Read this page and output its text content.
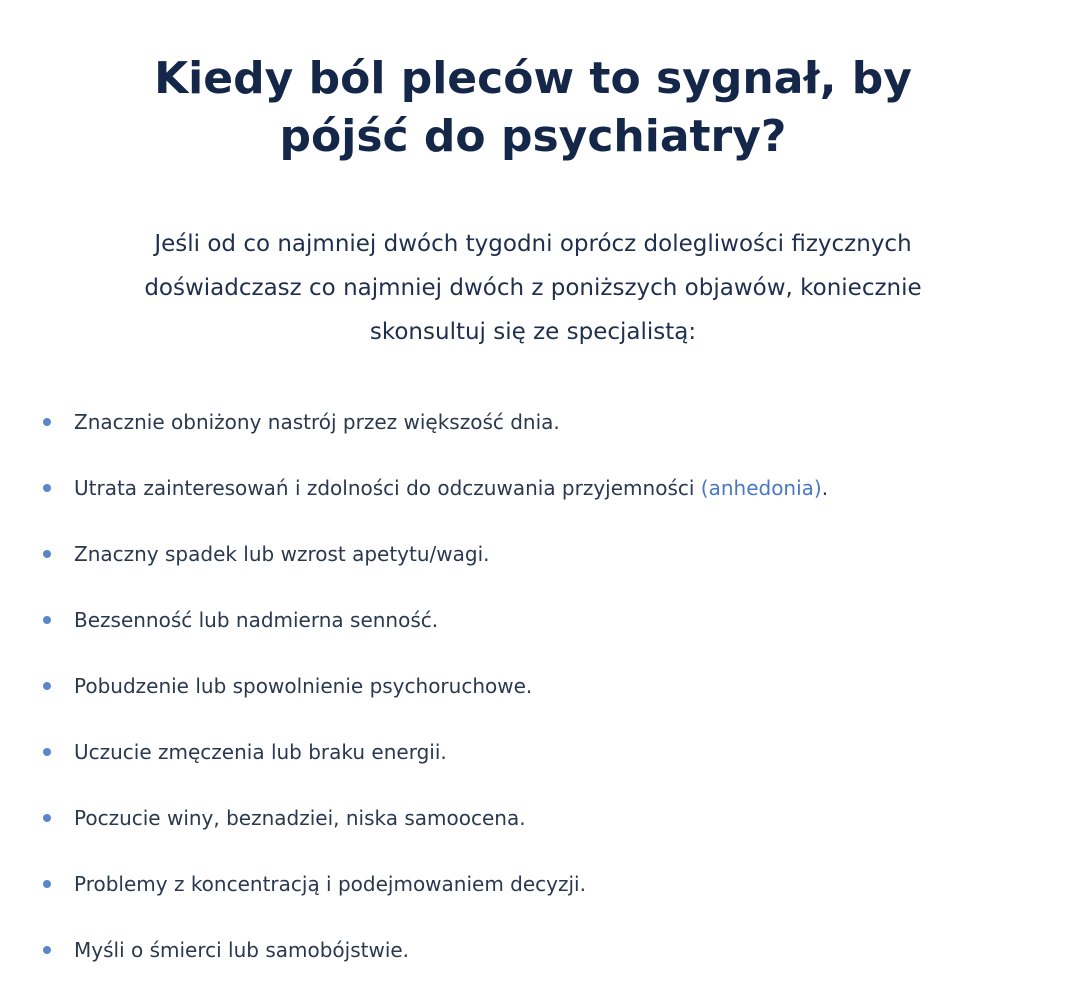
Kiedy ból pleców to sygnał, by
pójść do psychiatry?

Jeśli od co najmniej dwóch tygodni oprócz dolegliwości fizycznych
doświadczasz co najmniej dwóch z poniższych objawów, koniecznie
skonsultuj się ze specjalistą:

Znacznie obniżony nastrój przez większość dnia.
Utrata zainteresowań i zdolności do odczuwania przyjemności (anhedonia).
Znaczny spadek lub wzrost apetytu/wagi.
Bezsenność lub nadmierna senność.
Pobudzenie lub spowolnienie psychoruchowe.
Uczucie zmęczenia lub braku energii.
Poczucie winy, beznadziei, niska samoocena.
Problemy z koncentracją i podejmowaniem decyzji.
Myśli o śmierci lub samobójstwie.
